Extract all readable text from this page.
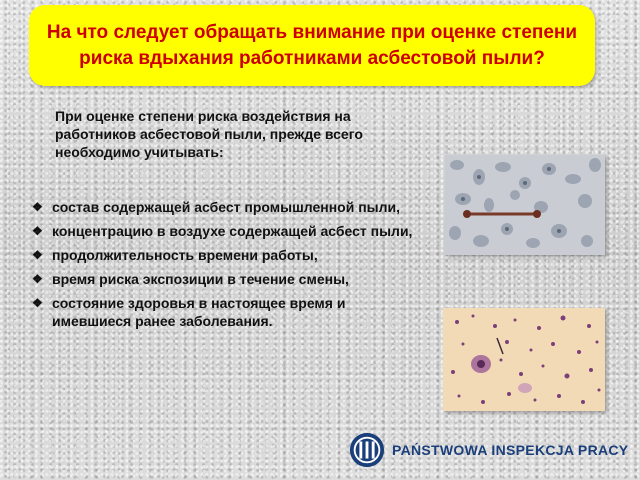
На что следует обращать внимание при оценке степени риска вдыхания работниками асбестовой пыли?
При оценке степени риска воздействия на работников асбестовой пыли, прежде всего необходимо учитывать:
❖ состав содержащей асбест промышленной пыли,
❖ концентрацию в воздухе содержащей асбест пыли,
❖ продолжительность времени работы,
❖ время риска экспозиции в течение смены,
❖ состояние здоровья в настоящее время и имевшиеся ранее заболевания.
PAŃSTWOWA INSPEKCJA PRACY
